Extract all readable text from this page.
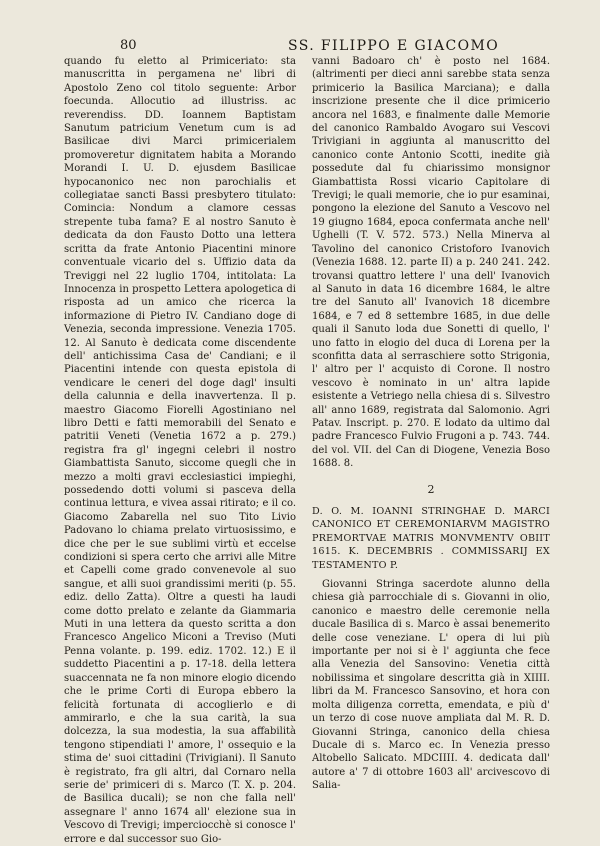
80	SS. FILIPPO E GIACOMO

quando fu eletto al Primiceriato: sta manuscritta in pergamena ne' libri di Apostolo Zeno col titolo seguente: Arbor foecunda. Allocutio ad illustriss. ac reverendiss. DD. Ioannem Baptistam Sanutum patricium Venetum cum is ad Basilicae divi Marci primicerialem promoveretur dignitatem habita a Morando Morandi I. U. D. ejusdem Basilicae hypocanonico nec non parochialis et collegiatae sancti Bassi presbytero titulato: Comincia: Nondum a clamore cessas strepente tuba fama? E al nostro Sanuto è dedicata da don Fausto Dotto una lettera scritta da frate Antonio Piacentini minore conventuale vicario del s. Uffizio data da Treviggi nel 22 luglio 1704, intitolata: La Innocenza in prospetto Lettera apologetica di risposta ad un amico che ricerca la informazione di Pietro IV. Candiano doge di Venezia, seconda impressione. Venezia 1705. 12. Al Sanuto è dedicata come discendente dell' antichissima Casa de' Candiani; e il Piacentini intende con questa epistola di vendicare le ceneri del doge dagl' insulti della calunnia e della inavvertenza. Il p. maestro Giacomo Fiorelli Agostiniano nel libro Detti e fatti memorabili del Senato e patritii Veneti (Venetia 1672 a p. 279.) registra fra gl' ingegni celebri il nostro Giambattista Sanuto, siccome quegli che in mezzo a molti gravi ecclesiastici impieghi, possedendo dotti volumi si pasceva della continua lettura, e vivea assai ritirato; e il co. Giacomo Zabarella nel suo Tito Livio Padovano lo chiama prelato virtuosissimo, e dice che per le sue sublimi virtù et eccelse condizioni si spera certo che arrivi alle Mitre et Capelli come grado convenevole al suo sangue, et alli suoi grandissimi meriti (p. 55. ediz. dello Zatta). Oltre a questi ha laudi come dotto prelato e zelante da Giammaria Muti in una lettera da questo scritta a don Francesco Angelico Miconi a Treviso (Muti Penna volante. p. 199. ediz. 1702. 12.) E il suddetto Piacentini a p. 17-18. della lettera suaccennata ne fa non minore elogio dicendo che le prime Corti di Europa ebbero la felicità fortunata di accoglierlo e di ammirarlo, e che la sua carità, la sua dolcezza, la sua modestia, la sua affabilità tengono stipendiati l' amore, l' ossequio e la stima de' suoi cittadini (Trivigiani). Il Sanuto è registrato, fra gli altri, dal Cornaro nella serie de' primiceri di s. Marco (T. X. p. 204. de Basilica ducali); se non che falla nell' assegnare l' anno 1674 all' elezione sua in Vescovo di Trevigi; imperciocchè si conosce l' errore e dal successor suo Gio-

vanni Badoaro ch' è posto nel 1684. (altrimenti per dieci anni sarebbe stata senza primicerio la Basilica Marciana); e dalla inscrizione presente che il dice primicerio ancora nel 1683, e finalmente dalle Memorie del canonico Rambaldo Avogaro sui Vescovi Trivigiani in aggiunta al manuscritto del canonico conte Antonio Scotti, inedite già possedute dal fu chiarissimo monsignor Giambattista Rossi vicario Capitolare di Trevigi; le quali memorie, che io pur esaminai, pongono la elezione del Sanuto a Vescovo nel 19 giugno 1684, epoca confermata anche nell' Ughelli (T. V. 572. 573.) Nella Minerva al Tavolino del canonico Cristoforo Ivanovich (Venezia 1688. 12. parte II) a p. 240 241. 242. trovansi quattro lettere l' una dell' Ivanovich al Sanuto in data 16 dicembre 1684, le altre tre del Sanuto all' Ivanovich 18 dicembre 1684, e 7 ed 8 settembre 1685, in due delle quali il Sanuto loda due Sonetti di quello, l' uno fatto in elogio del duca di Lorena per la sconfitta data al serraschiere sotto Strigonia, l' altro per l' acquisto di Corone. Il nostro vescovo è nominato in un' altra lapide esistente a Vetriego nella chiesa di s. Silvestro all' anno 1689, registrata dal Salomonio. Agri Patav. Inscript. p. 270. E lodato da ultimo dal padre Francesco Fulvio Frugoni a p. 743. 744. del vol. VII. del Can di Diogene, Venezia Boso 1688. 8.

2
D. O. M. IOANNI STRINGHAE D. MARCI CANONICO ET CEREMONIARVM MAGISTRO PREMORTVAE MATRIS MONVMENTV OBIIT 1615. K. DECEMBRIS . COMMISSARIJ EX TESTAMENTO P.

Giovanni Stringa sacerdote alunno della chiesa già parrocchiale di s. Giovanni in olio, canonico e maestro delle ceremonie nella ducale Basilica di s. Marco è assai benemerito delle cose veneziane. L' opera di lui più importante per noi si è l' aggiunta che fece alla Venezia del Sansovino: Venetia città nobilissima et singolare descritta già in XIIII. libri da M. Francesco Sansovino, et hora con molta diligenza corretta, emendata, e più d' un terzo di cose nuove ampliata dal M. R. D. Giovanni Stringa, canonico della chiesa Ducale di s. Marco ec. In Venezia presso Altobello Salicato. MDCIIII. 4. dedicata dall' autore a' 7 di ottobre 1603 all' arcivescovo di Salia-
